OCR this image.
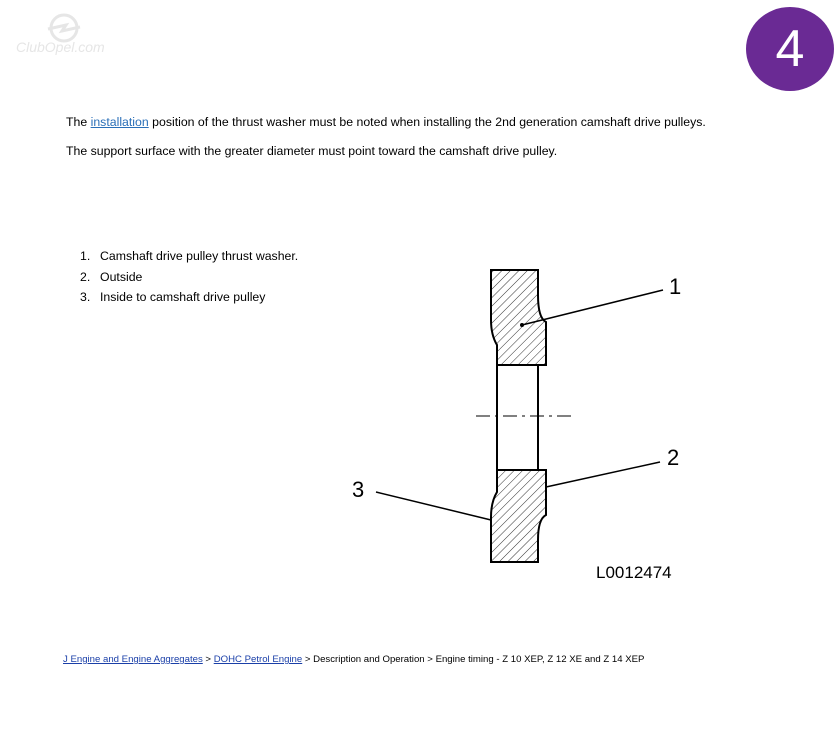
ClubOpel.com	4

The installation position of the thrust washer must be noted when installing the 2nd generation camshaft drive pulleys.

The support surface with the greater diameter must point toward the camshaft drive pulley.

1. Camshaft drive pulley thrust washer.
2. Outside
3. Inside to camshaft drive pulley	1
2
3
L0012474
J Engine and Engine Aggregates > DOHC Petrol Engine > Description and Operation > Engine timing - Z 10 XEP, Z 12 XE and Z 14 XEP
